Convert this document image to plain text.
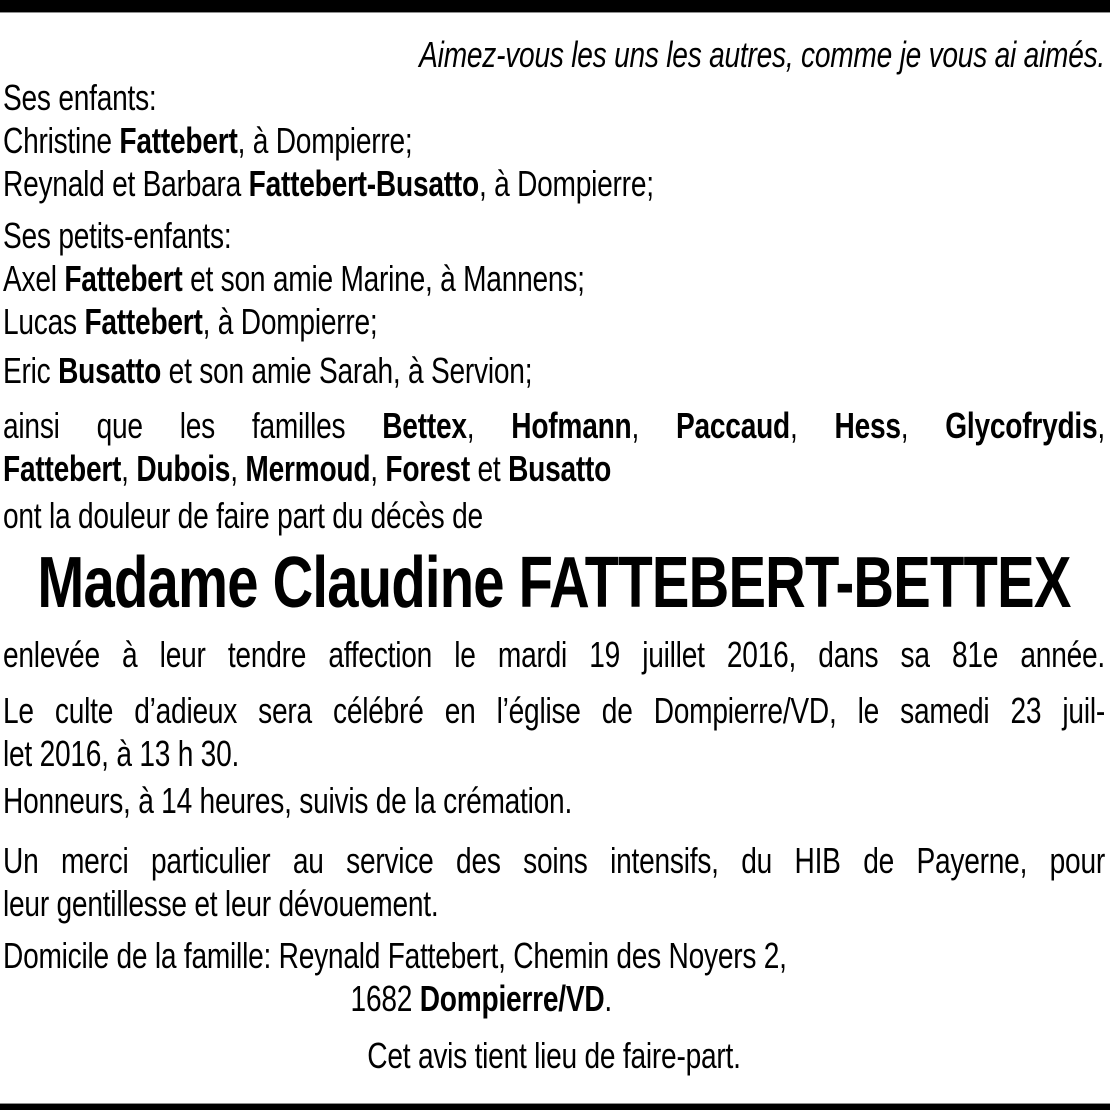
Aimez-vous les uns les autres, comme je vous ai aimés.
Ses enfants:
Christine Fattebert, à Dompierre;
Reynald et Barbara Fattebert-Busatto, à Dompierre;
Ses petits-enfants:
Axel Fattebert et son amie Marine, à Mannens;
Lucas Fattebert, à Dompierre;
Eric Busatto et son amie Sarah, à Servion;
ainsi que les familles Bettex, Hofmann, Paccaud, Hess, Glycofrydis,
Fattebert, Dubois, Mermoud, Forest et Busatto
ont la douleur de faire part du décès de
Madame Claudine FATTEBERT-BETTEX
enlevée à leur tendre affection le mardi 19 juillet 2016, dans sa 81e année.
Le culte d’adieux sera célébré en l’église de Dompierre/VD, le samedi 23 juil-
let 2016, à 13 h 30.
Honneurs, à 14 heures, suivis de la crémation.
Un merci particulier au service des soins intensifs, du HIB de Payerne, pour
leur gentillesse et leur dévouement.
Domicile de la famille: Reynald Fattebert, Chemin des Noyers 2,
1682 Dompierre/VD.
Cet avis tient lieu de faire-part.
